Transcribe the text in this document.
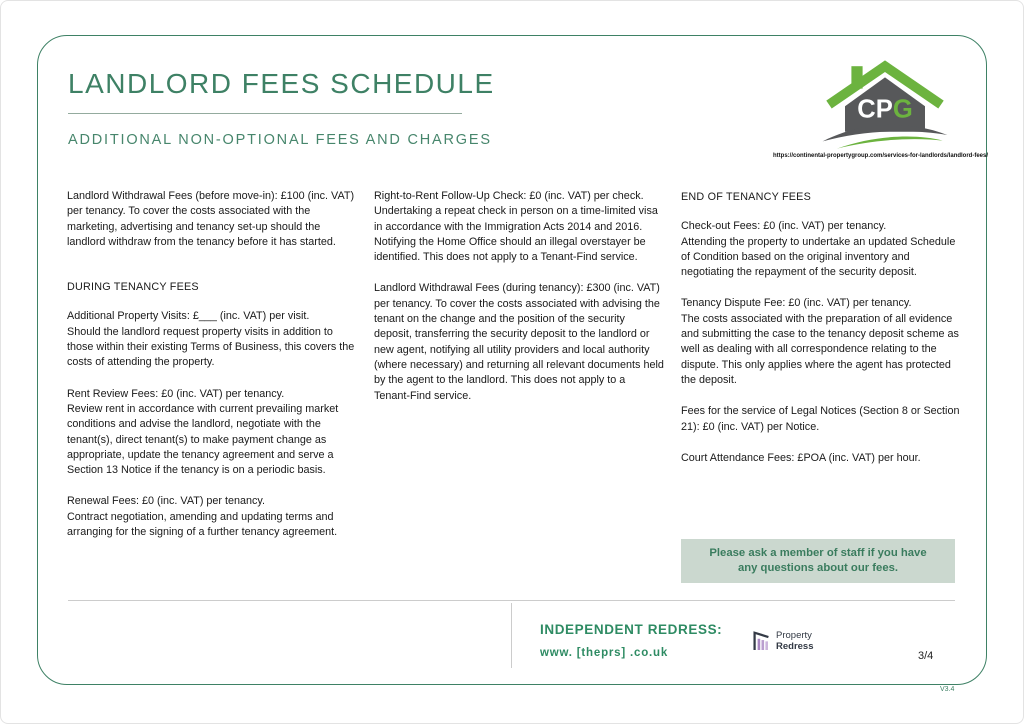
LANDLORD FEES SCHEDULE
ADDITIONAL NON-OPTIONAL FEES AND CHARGES
CPG
https://continental-propertygroup.com/services-for-landlords/landlord-fees/
Landlord Withdrawal Fees (before move-in): £100 (inc. VAT) per tenancy. To cover the costs associated with the marketing, advertising and tenancy set-up should the landlord withdraw from the tenancy before it has started.
DURING TENANCY FEES
Additional Property Visits: £___ (inc. VAT) per visit.
Should the landlord request property visits in addition to those within their existing Terms of Business, this covers the costs of attending the property.
Rent Review Fees: £0 (inc. VAT) per tenancy.
Review rent in accordance with current prevailing market conditions and advise the landlord, negotiate with the tenant(s), direct tenant(s) to make payment change as appropriate, update the tenancy agreement and serve a Section 13 Notice if the tenancy is on a periodic basis.
Renewal Fees: £0 (inc. VAT) per tenancy.
Contract negotiation, amending and updating terms and arranging for the signing of a further tenancy agreement.
Right-to-Rent Follow-Up Check: £0 (inc. VAT) per check. Undertaking a repeat check in person on a time-limited visa in accordance with the Immigration Acts 2014 and 2016. Notifying the Home Office should an illegal overstayer be identified. This does not apply to a Tenant-Find service.
Landlord Withdrawal Fees (during tenancy): £300 (inc. VAT) per tenancy. To cover the costs associated with advising the tenant on the change and the position of the security deposit, transferring the security deposit to the landlord or new agent, notifying all utility providers and local authority (where necessary) and returning all relevant documents held by the agent to the landlord. This does not apply to a Tenant-Find service.
END OF TENANCY FEES
Check-out Fees: £0 (inc. VAT) per tenancy.
Attending the property to undertake an updated Schedule of Condition based on the original inventory and negotiating the repayment of the security deposit.
Tenancy Dispute Fee: £0 (inc. VAT) per tenancy.
The costs associated with the preparation of all evidence and submitting the case to the tenancy deposit scheme as well as dealing with all correspondence relating to the dispute. This only applies where the agent has protected the deposit.
Fees for the service of Legal Notices (Section 8 or Section 21): £0 (inc. VAT) per Notice.
Court Attendance Fees: £POA (inc. VAT) per hour.
Please ask a member of staff if you have any questions about our fees.
INDEPENDENT REDRESS:
www. [theprs] .co.uk
Property
Redress
3/4
V3.4
